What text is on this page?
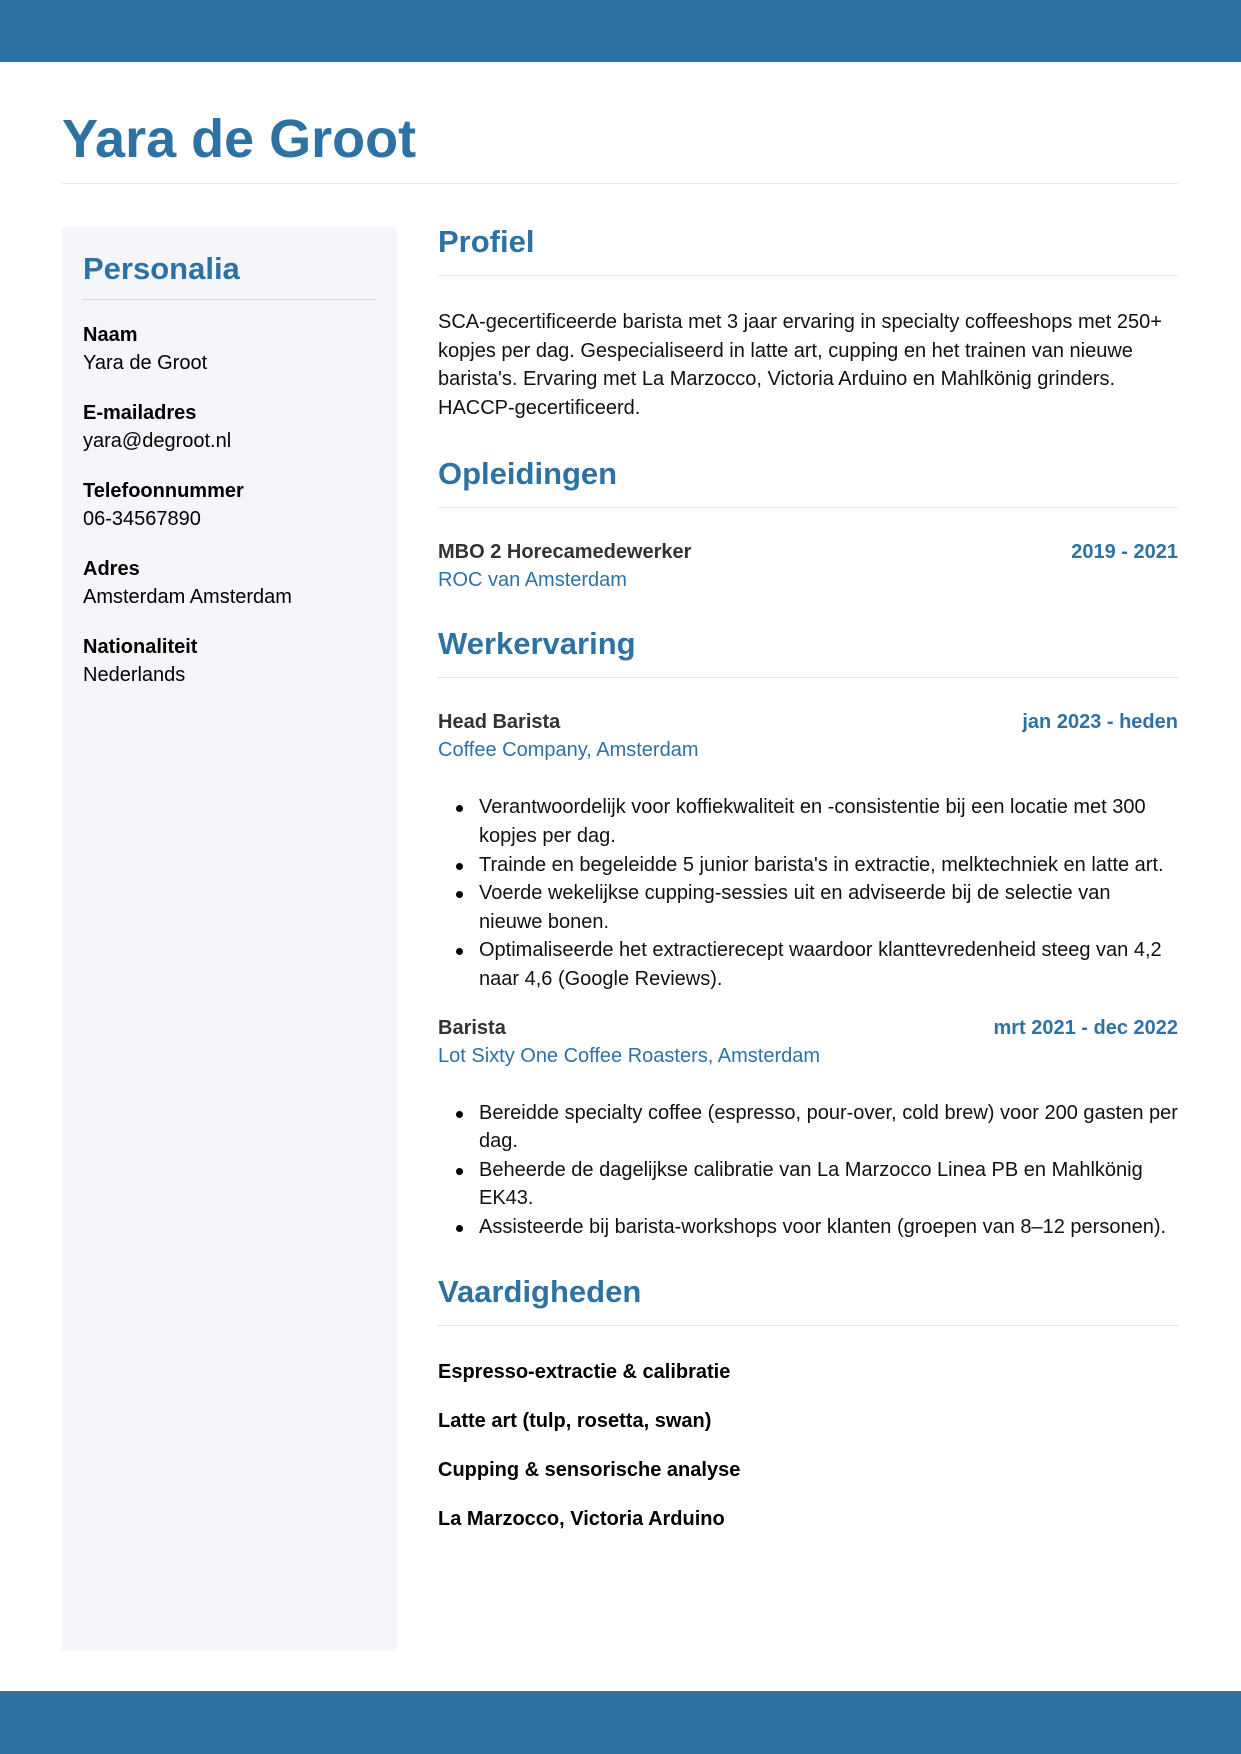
Yara de Groot
Personalia
Naam
Yara de Groot
E-mailadres
yara@degroot.nl
Telefoonnummer
06-34567890
Adres
Amsterdam Amsterdam
Nationaliteit
Nederlands
Profiel

SCA-gecertificeerde barista met 3 jaar ervaring in specialty coffeeshops met 250+ kopjes per dag. Gespecialiseerd in latte art, cupping en het trainen van nieuwe barista's. Ervaring met La Marzocco, Victoria Arduino en Mahlkönig grinders. HACCP-gecertificeerd.

Opleidingen
MBO 2 Horecamedewerker	2019 - 2021
ROC van Amsterdam
Werkervaring
Head Barista	jan 2023 - heden
Coffee Company, Amsterdam
Verantwoordelijk voor koffiekwaliteit en -consistentie bij een locatie met 300 kopjes per dag.
Trainde en begeleidde 5 junior barista's in extractie, melktechniek en latte art.
Voerde wekelijkse cupping-sessies uit en adviseerde bij de selectie van nieuwe bonen.
Optimaliseerde het extractierecept waardoor klanttevredenheid steeg van 4,2 naar 4,6 (Google Reviews).
Barista	mrt 2021 - dec 2022
Lot Sixty One Coffee Roasters, Amsterdam
Bereidde specialty coffee (espresso, pour-over, cold brew) voor 200 gasten per dag.
Beheerde de dagelijkse calibratie van La Marzocco Linea PB en Mahlkönig EK43.
Assisteerde bij barista-workshops voor klanten (groepen van 8–12 personen).
Vaardigheden
Espresso-extractie & calibratie
Latte art (tulp, rosetta, swan)
Cupping & sensorische analyse
La Marzocco, Victoria Arduino
